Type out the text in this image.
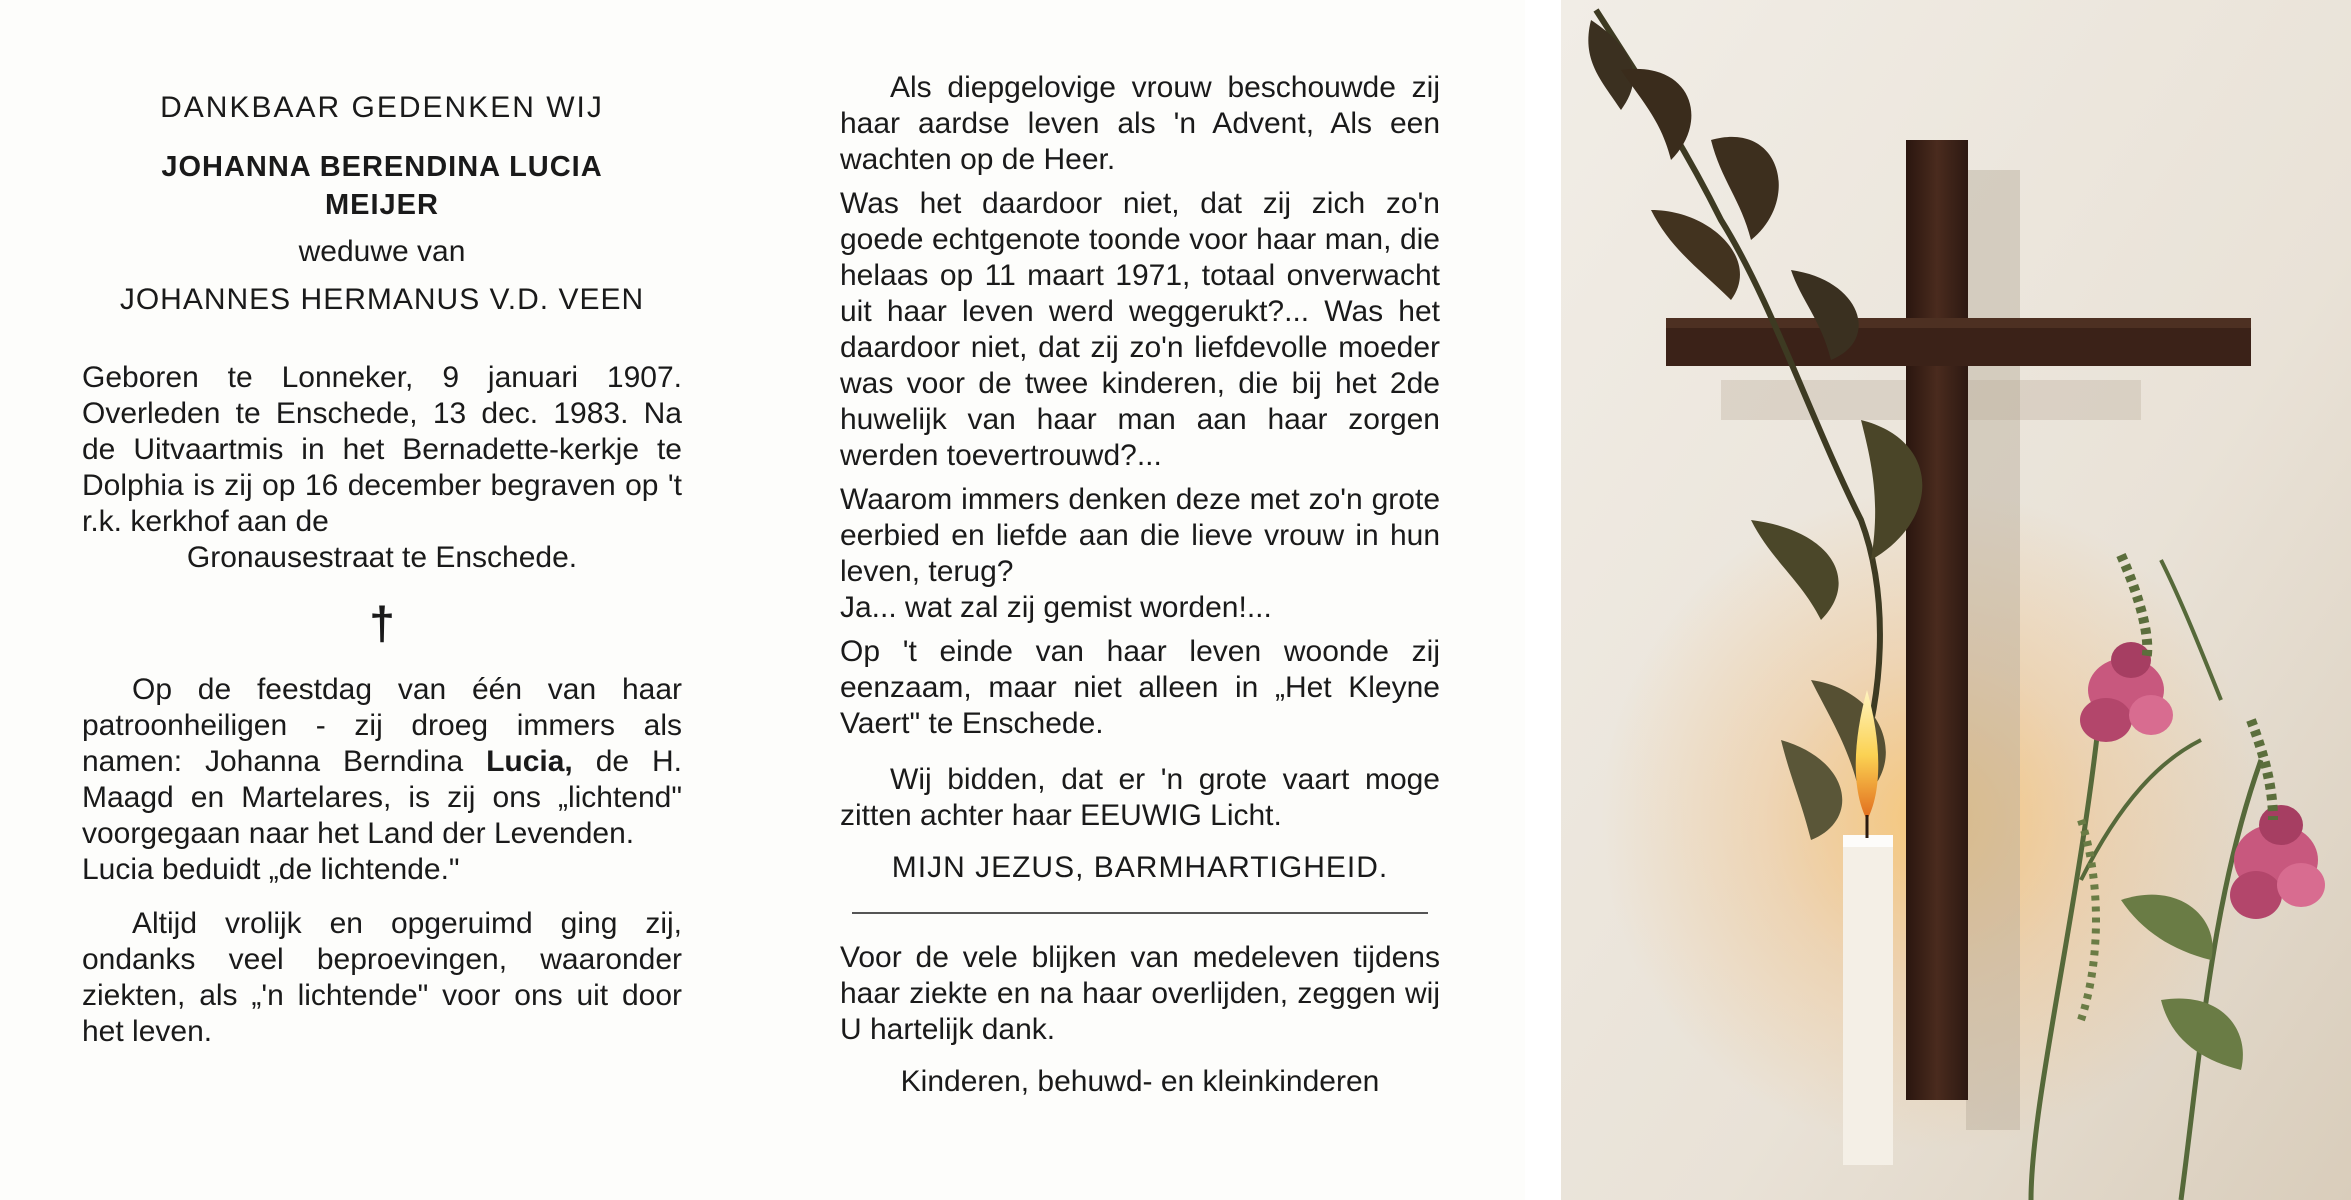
DANKBAAR GEDENKEN WIJ

JOHANNA BERENDINA LUCIA

MEIJER

weduwe van

JOHANNES HERMANUS V.D. VEEN

Geboren te Lonneker, 9 januari 1907. Overleden te Enschede, 13 dec. 1983. Na de Uitvaartmis in het Bernadette-kerkje te Dolphia is zij op 16 december begraven op 't r.k. kerkhof aan de

Gronausestraat te Enschede.

†

Op de feestdag van één van haar patroonheiligen - zij droeg immers als namen: Johanna Berndina Lucia, de H. Maagd en Martelares, is zij ons „lichtend" voorgegaan naar het Land der Levenden.

Lucia beduidt „de lichtende."

Altijd vrolijk en opgeruimd ging zij, ondanks veel beproevingen, waaronder ziekten, als „'n lichtende" voor ons uit door het leven.

Als diepgelovige vrouw beschouwde zij haar aardse leven als 'n Advent, Als een wachten op de Heer.

Was het daardoor niet, dat zij zich zo'n goede echtgenote toonde voor haar man, die helaas op 11 maart 1971, totaal onverwacht uit haar leven werd weggerukt?... Was het daardoor niet, dat zij zo'n liefdevolle moeder was voor de twee kinderen, die bij het 2de huwelijk van haar man aan haar zorgen werden toevertrouwd?...

Waarom immers denken deze met zo'n grote eerbied en liefde aan die lieve vrouw in hun leven, terug?

Ja... wat zal zij gemist worden!...

Op 't einde van haar leven woonde zij eenzaam, maar niet alleen in „Het Kleyne Vaert" te Enschede.

Wij bidden, dat er 'n grote vaart moge zitten achter haar EEUWIG Licht.

MIJN JEZUS, BARMHARTIGHEID.

Voor de vele blijken van medeleven tijdens haar ziekte en na haar overlijden, zeggen wij U hartelijk dank.

Kinderen, behuwd- en kleinkinderen
